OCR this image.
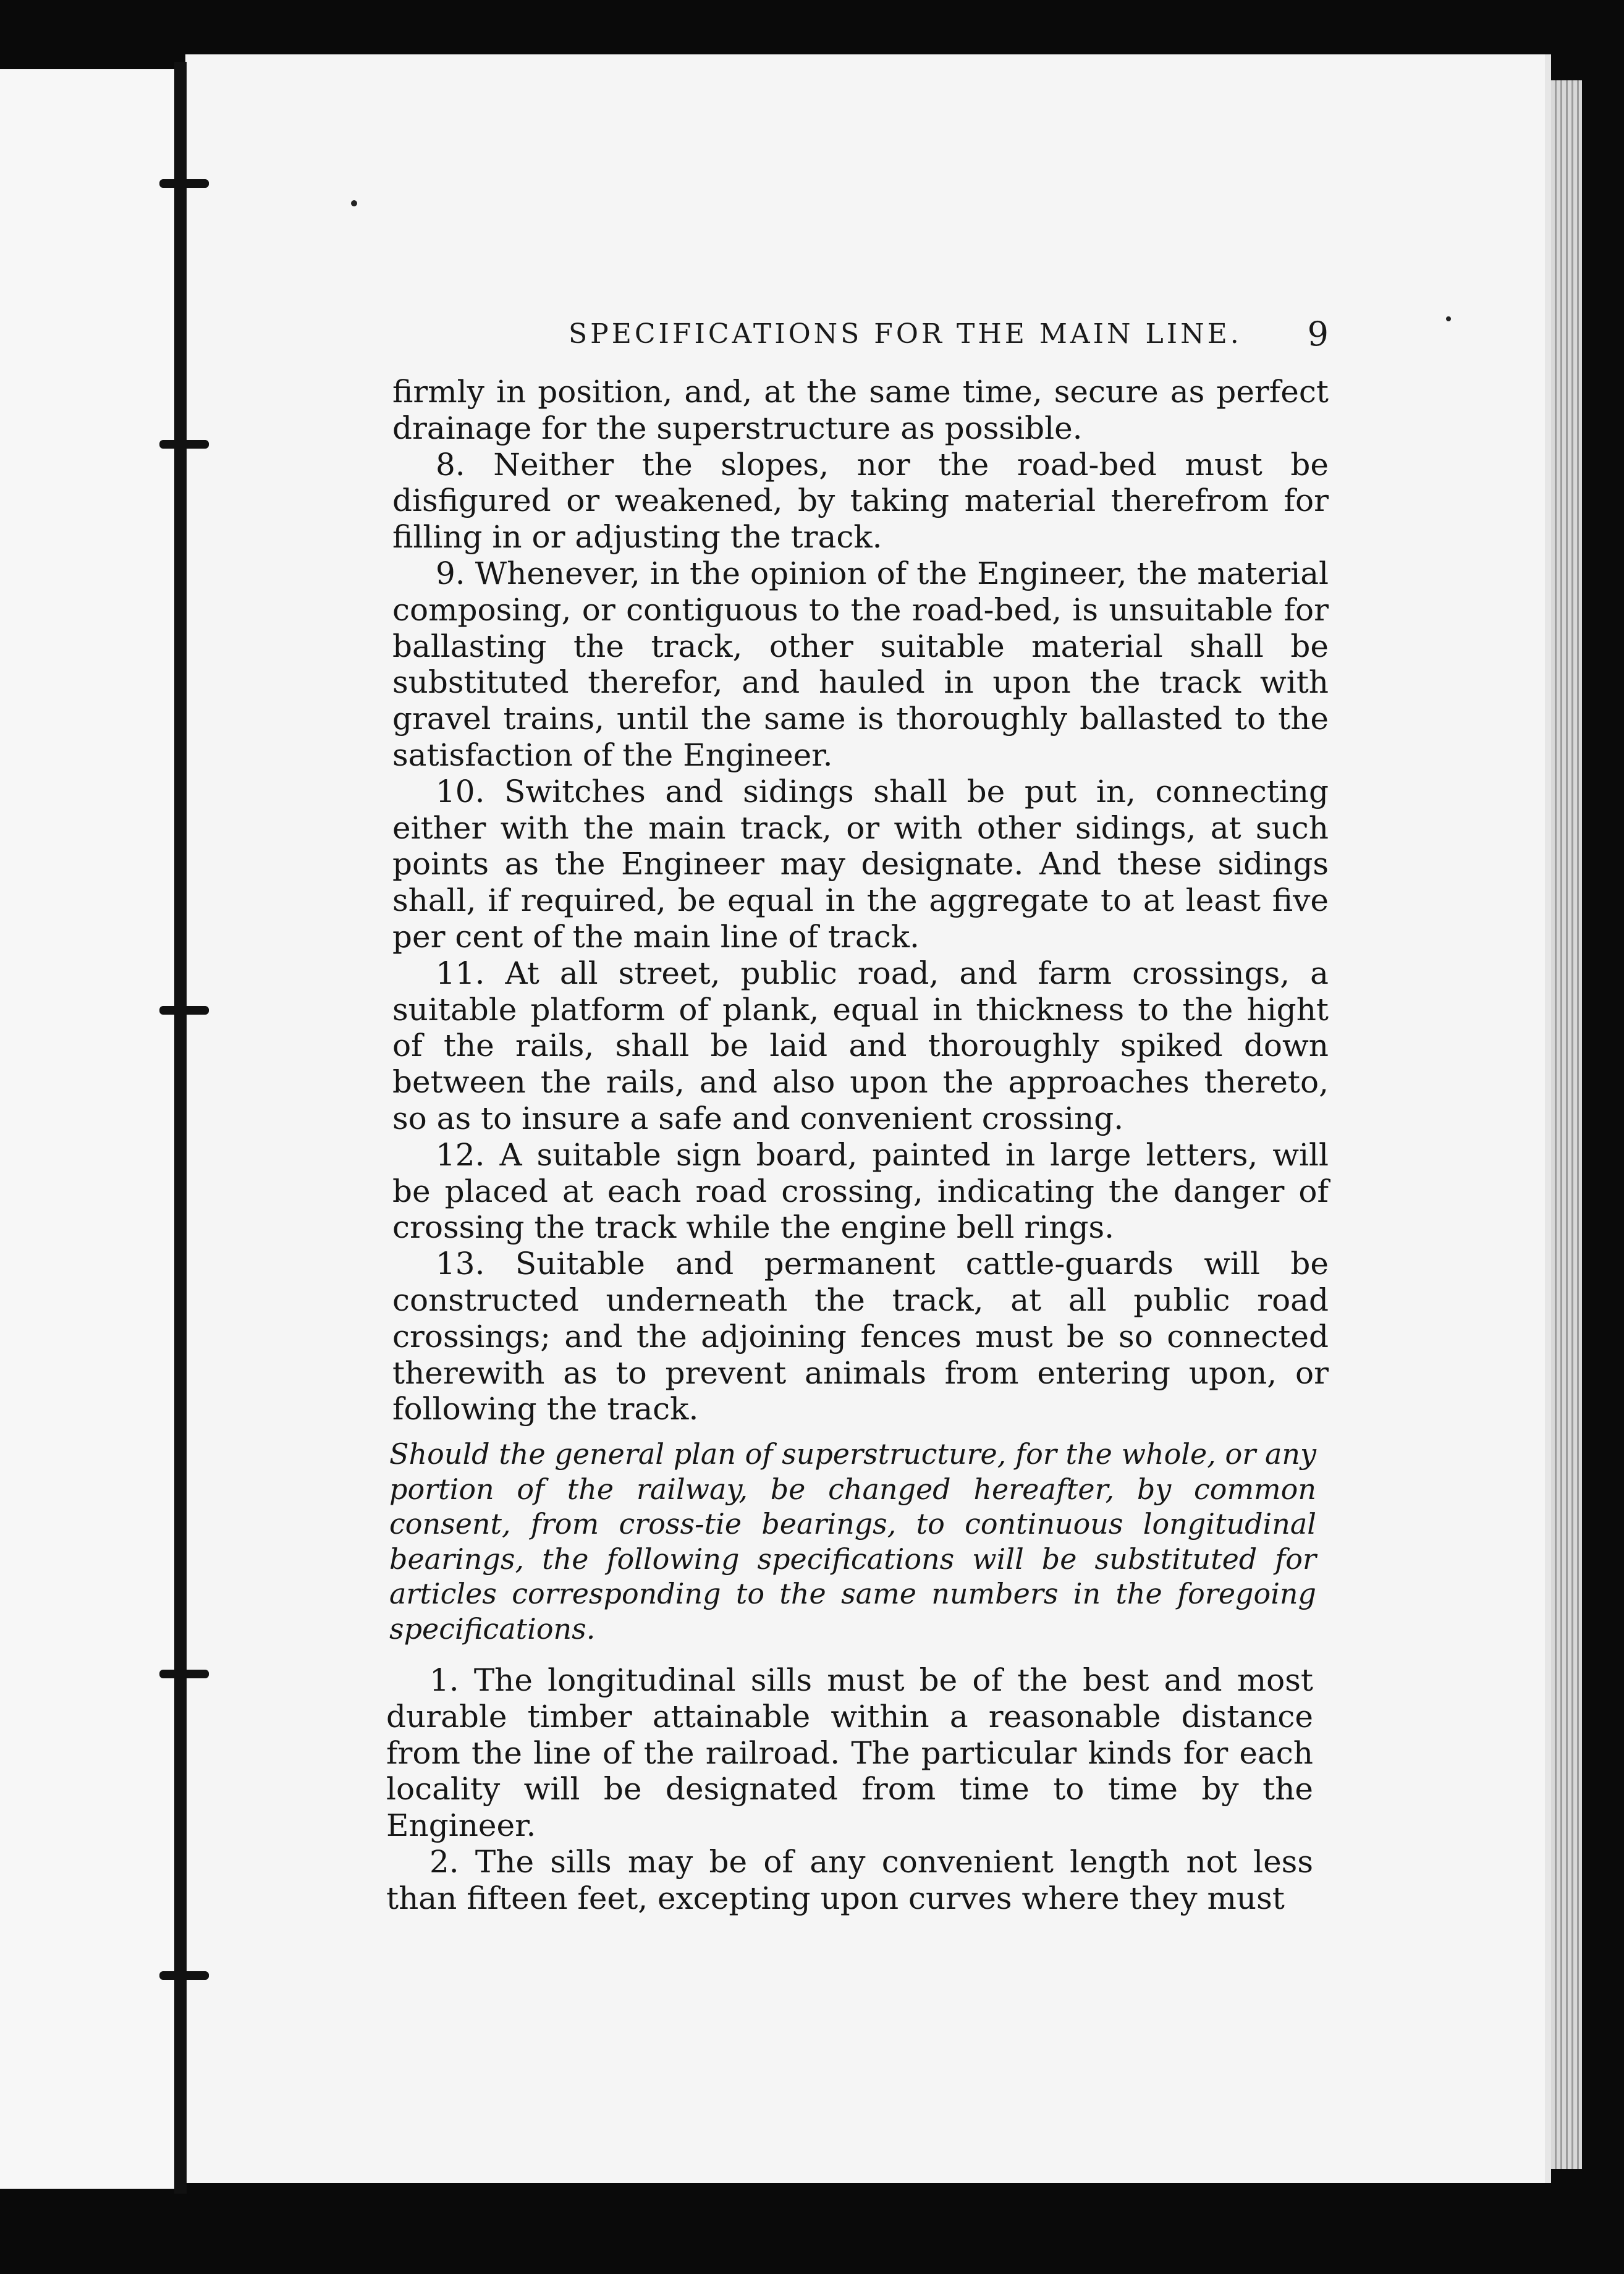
SPECIFICATIONS FOR THE MAIN LINE. 9

firmly in position, and, at the same time, secure as perfect drainage for the superstructure as possible.

8. Neither the slopes, nor the road-bed must be disfigured or weakened, by taking material therefrom for filling in or adjusting the track.

9. Whenever, in the opinion of the Engineer, the material composing, or contiguous to the road-bed, is unsuitable for ballasting the track, other suitable material shall be substituted therefor, and hauled in upon the track with gravel trains, until the same is thoroughly ballasted to the satisfaction of the Engineer.

10. Switches and sidings shall be put in, connecting either with the main track, or with other sidings, at such points as the Engineer may designate. And these sidings shall, if required, be equal in the aggregate to at least five per cent of the main line of track.

11. At all street, public road, and farm crossings, a suitable platform of plank, equal in thickness to the hight of the rails, shall be laid and thoroughly spiked down between the rails, and also upon the approaches thereto, so as to insure a safe and convenient crossing.

12. A suitable sign board, painted in large letters, will be placed at each road crossing, indicating the danger of crossing the track while the engine bell rings.

13. Suitable and permanent cattle-guards will be constructed underneath the track, at all public road crossings; and the adjoining fences must be so connected therewith as to prevent animals from entering upon, or following the track.

Should the general plan of superstructure, for the whole, or any portion of the railway, be changed hereafter, by common consent, from cross-tie bearings, to continuous longitudinal bearings, the following specifications will be substituted for articles corresponding to the same numbers in the foregoing specifications.

1. The longitudinal sills must be of the best and most durable timber attainable within a reasonable distance from the line of the railroad. The particular kinds for each locality will be designated from time to time by the Engineer.

2. The sills may be of any convenient length not less than fifteen feet, excepting upon curves where they must
